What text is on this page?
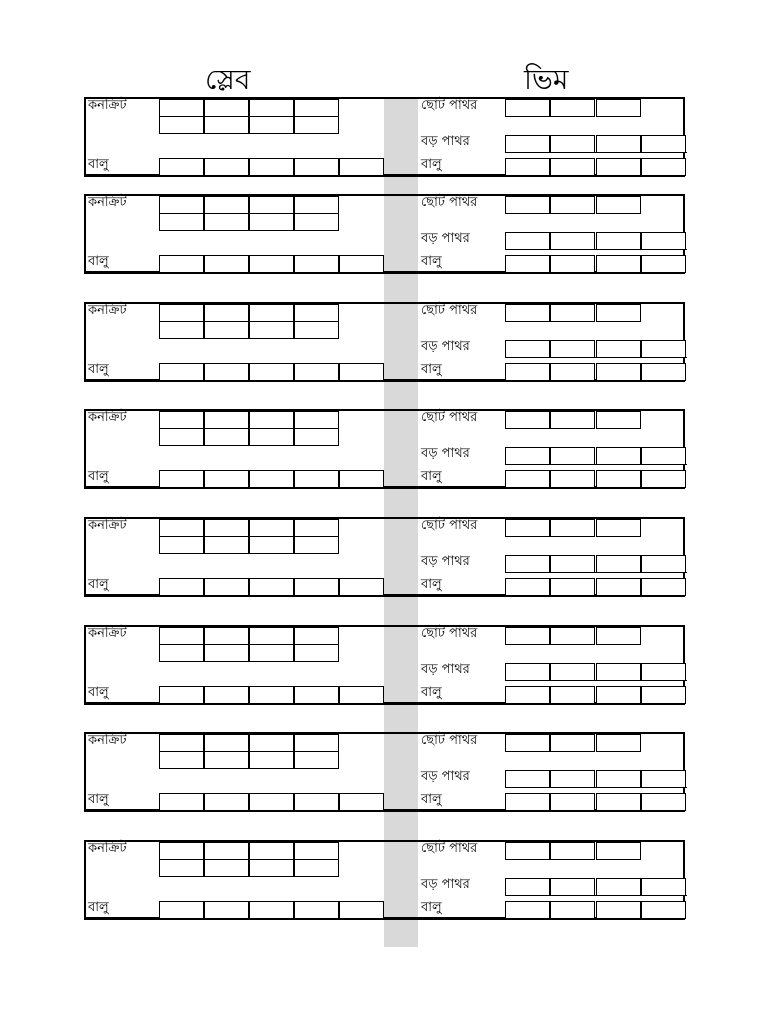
স্লেব	ভিম
কনক্রিট
বালু
ছোট পাথর
বড় পাথর
বালু
কনক্রিট
বালু
ছোট পাথর
বড় পাথর
বালু
কনক্রিট
বালু
ছোট পাথর
বড় পাথর
বালু
কনক্রিট
বালু
ছোট পাথর
বড় পাথর
বালু
কনক্রিট
বালু
ছোট পাথর
বড় পাথর
বালু
কনক্রিট
বালু
ছোট পাথর
বড় পাথর
বালু
কনক্রিট
বালু
ছোট পাথর
বড় পাথর
বালু
কনক্রিট
বালু
ছোট পাথর
বড় পাথর
বালু
